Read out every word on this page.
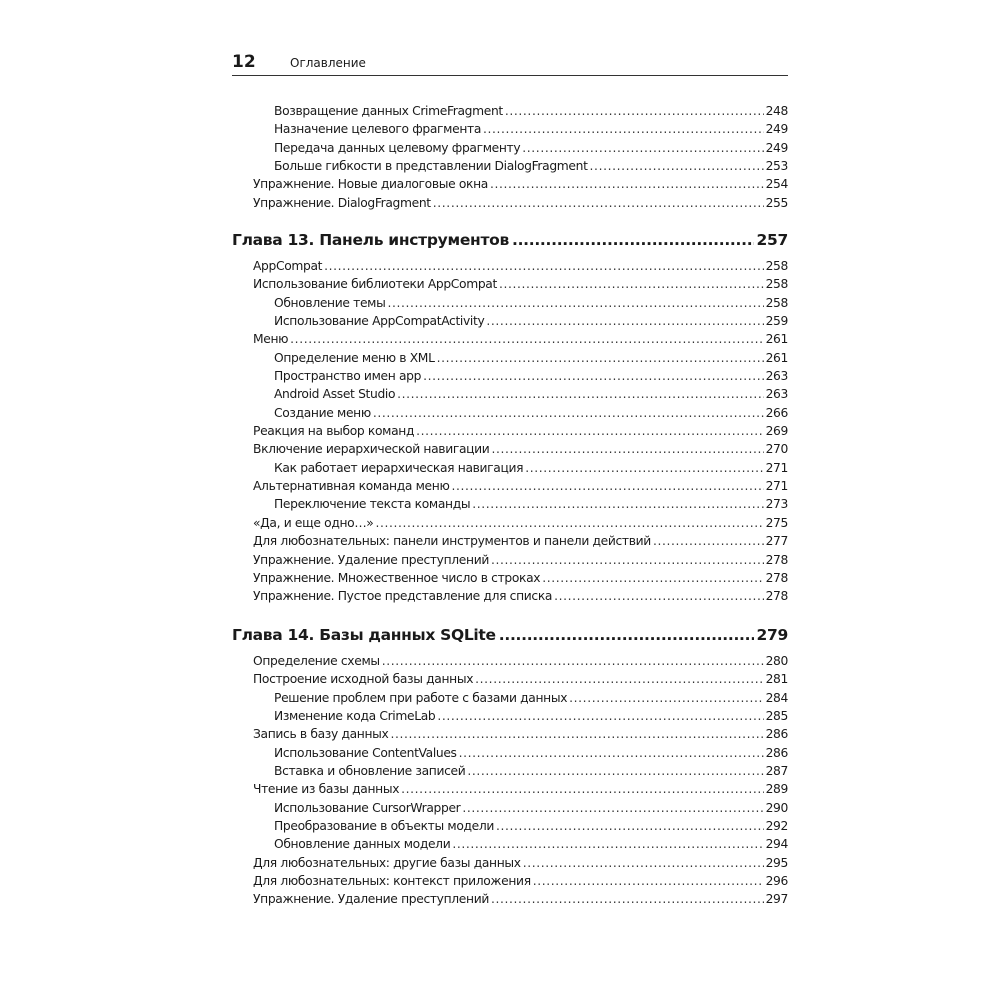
12	Оглавление
Возвращение данных CrimeFragment .....	248
Назначение целевого фрагмента .....	249
Передача данных целевому фрагменту .....	249
Больше гибкости в представлении DialogFragment .....	253
Упражнение. Новые диалоговые окна .....	254
Упражнение. DialogFragment .....	255
Глава 13. Панель инструментов .....	257
AppCompat .....	258
Использование библиотеки AppCompat .....	258
Обновление темы .....	258
Использование AppCompatActivity .....	259
Меню .....	261
Определение меню в XML .....	261
Пространство имен app .....	263
Android Asset Studio .....	263
Создание меню .....	266
Реакция на выбор команд .....	269
Включение иерархической навигации .....	270
Как работает иерархическая навигация .....	271
Альтернативная команда меню .....	271
Переключение текста команды .....	273
«Да, и еще одно…» .....	275
Для любознательных: панели инструментов и панели действий .....	277
Упражнение. Удаление преступлений .....	278
Упражнение. Множественное число в строках .....	278
Упражнение. Пустое представление для списка .....	278
Глава 14. Базы данных SQLite .....	279
Определение схемы .....	280
Построение исходной базы данных .....	281
Решение проблем при работе с базами данных .....	284
Изменение кода CrimeLab .....	285
Запись в базу данных .....	286
Использование ContentValues .....	286
Вставка и обновление записей .....	287
Чтение из базы данных .....	289
Использование CursorWrapper .....	290
Преобразование в объекты модели .....	292
Обновление данных модели .....	294
Для любознательных: другие базы данных .....	295
Для любознательных: контекст приложения .....	296
Упражнение. Удаление преступлений .....	297
